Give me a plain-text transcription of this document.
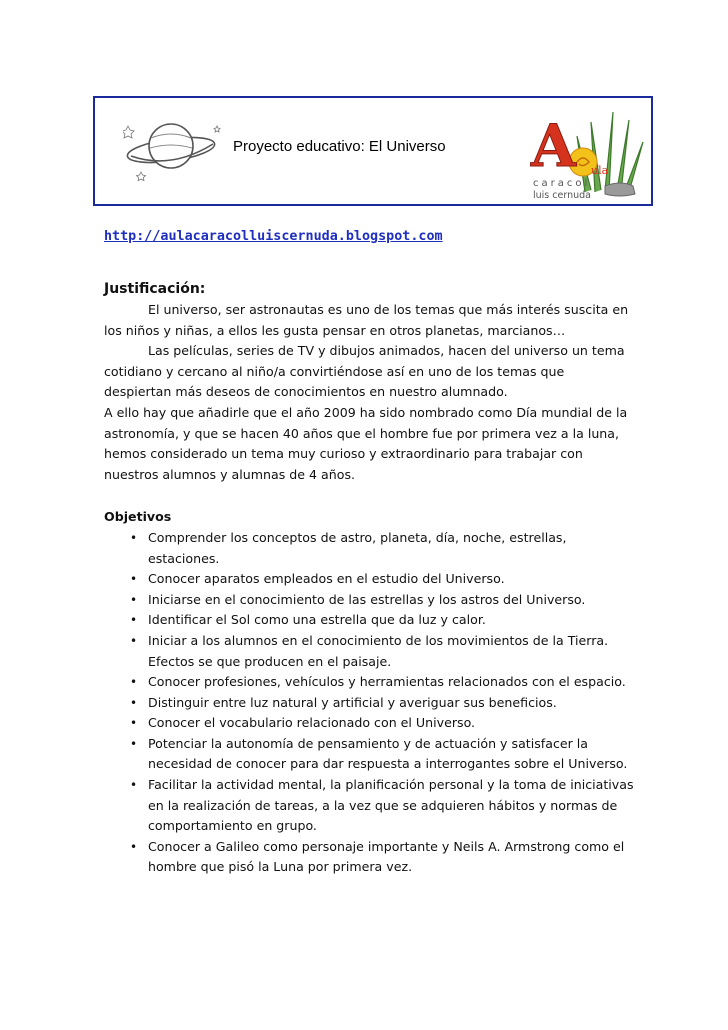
Proyecto educativo: El Universo A ula
caracol
luis cernuda
http://aulacaracolluiscernuda.blogspot.com

Justificación:

El universo, ser astronautas es uno de los temas que más interés suscita en los niños y niñas, a ellos les gusta pensar en otros planetas, marcianos…

Las películas, series de TV y dibujos animados, hacen del universo un tema cotidiano y cercano al niño/a convirtiéndose así en uno de los temas que despiertan más deseos de conocimientos en nuestro alumnado.

A ello hay que añadirle que el año 2009 ha sido nombrado como Día mundial de la astronomía, y que se hacen 40 años que el hombre fue por primera vez a la luna, hemos considerado un tema muy curioso y extraordinario para trabajar con nuestros alumnos y alumnas de 4 años.

Objetivos

• Comprender los conceptos de astro, planeta, día, noche, estrellas, estaciones.
• Conocer aparatos empleados en el estudio del Universo.
• Iniciarse en el conocimiento de las estrellas y los astros del Universo.
• Identificar el Sol como una estrella que da luz y calor.
• Iniciar a los alumnos en el conocimiento de los movimientos de la Tierra. Efectos se que producen en el paisaje.
• Conocer profesiones, vehículos y herramientas relacionados con el espacio.
• Distinguir entre luz natural y artificial y averiguar sus beneficios.
• Conocer el vocabulario relacionado con el Universo.
• Potenciar la autonomía de pensamiento y de actuación y satisfacer la necesidad de conocer para dar respuesta a interrogantes sobre el Universo.
• Facilitar la actividad mental, la planificación personal y la toma de iniciativas en la realización de tareas, a la vez que se adquieren hábitos y normas de comportamiento en grupo.
• Conocer a Galileo como personaje importante y Neils A. Armstrong como el hombre que pisó la Luna por primera vez.
